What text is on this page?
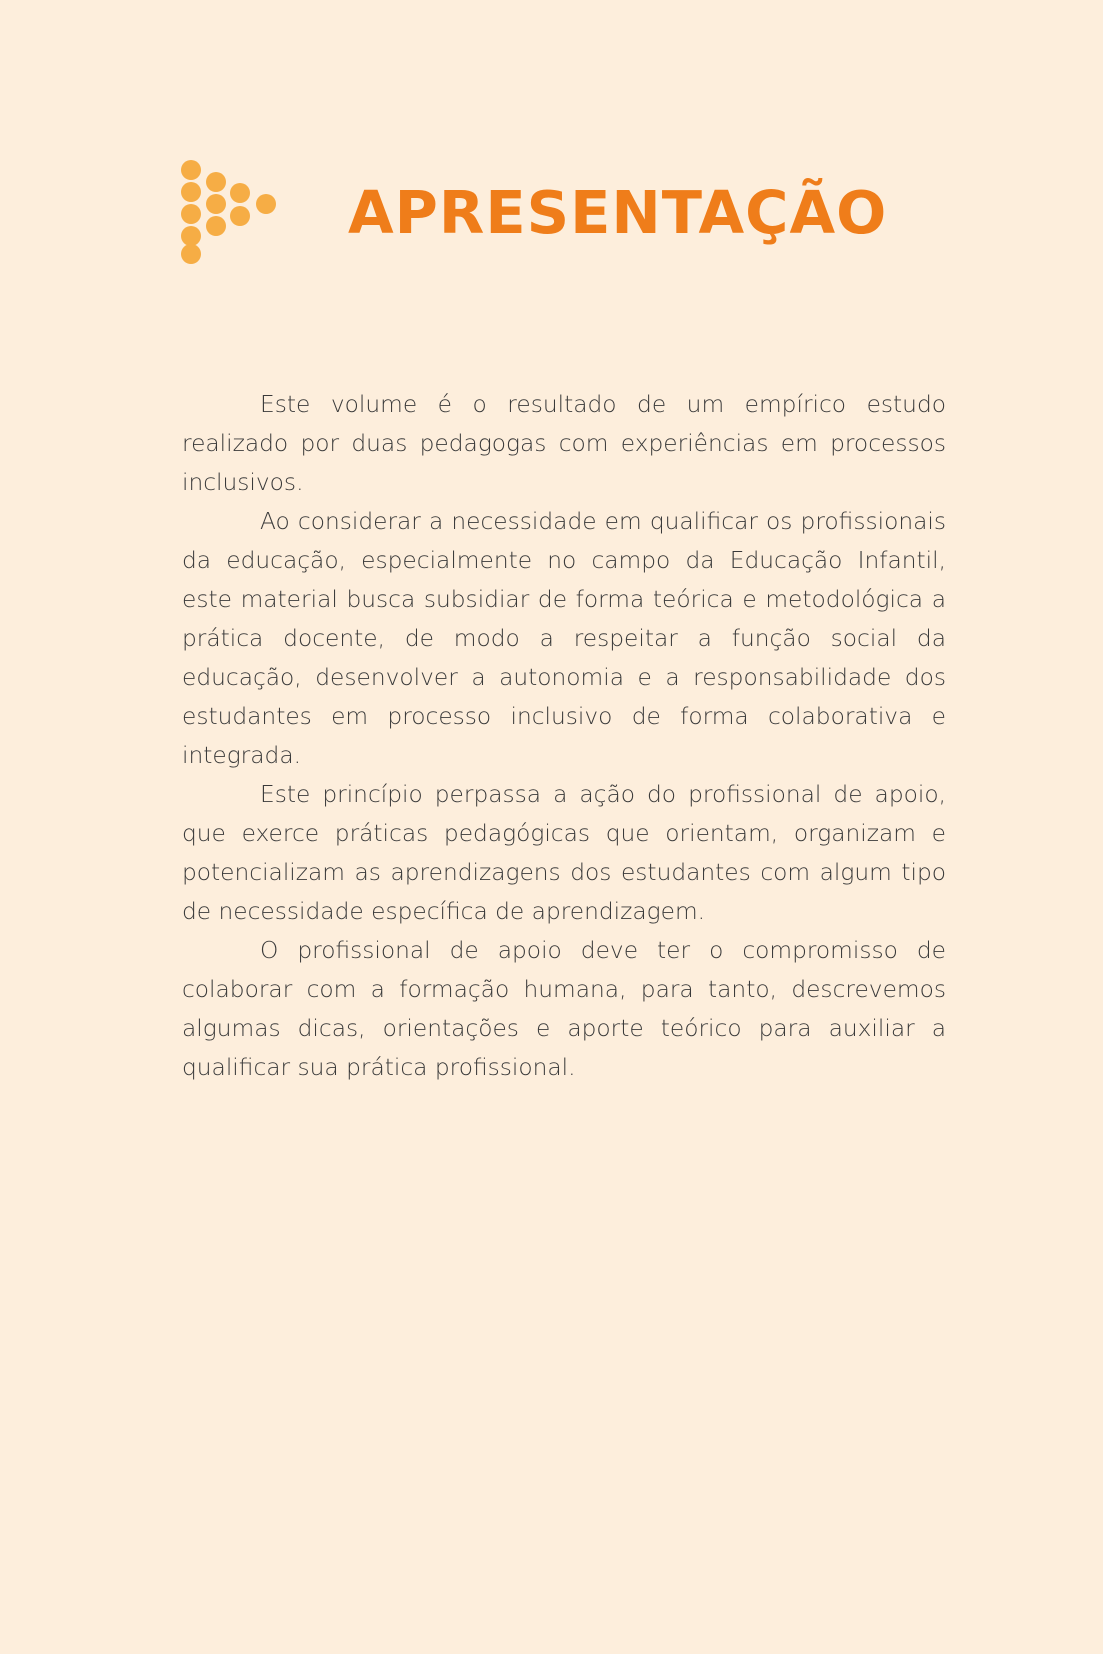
APRESENTAÇÃO

Este volume é o resultado de um empírico estudo realizado por duas pedagogas com experiências em processos inclusivos.

Ao considerar a necessidade em qualificar os profissionais da educação, especialmente no campo da Educação Infantil, este material busca subsidiar de forma teórica e metodológica a prática docente, de modo a respeitar a função social da educação, desenvolver a autonomia e a responsabilidade dos estudantes em processo inclusivo de forma colaborativa e integrada.

Este princípio perpassa a ação do profissional de apoio, que exerce práticas pedagógicas que orientam, organizam e potencializam as aprendizagens dos estudantes com algum tipo de necessidade específica de aprendizagem.

O profissional de apoio deve ter o compromisso de colaborar com a formação humana, para tanto, descrevemos algumas dicas, orientações e aporte teórico para auxiliar a qualificar sua prática profissional.
